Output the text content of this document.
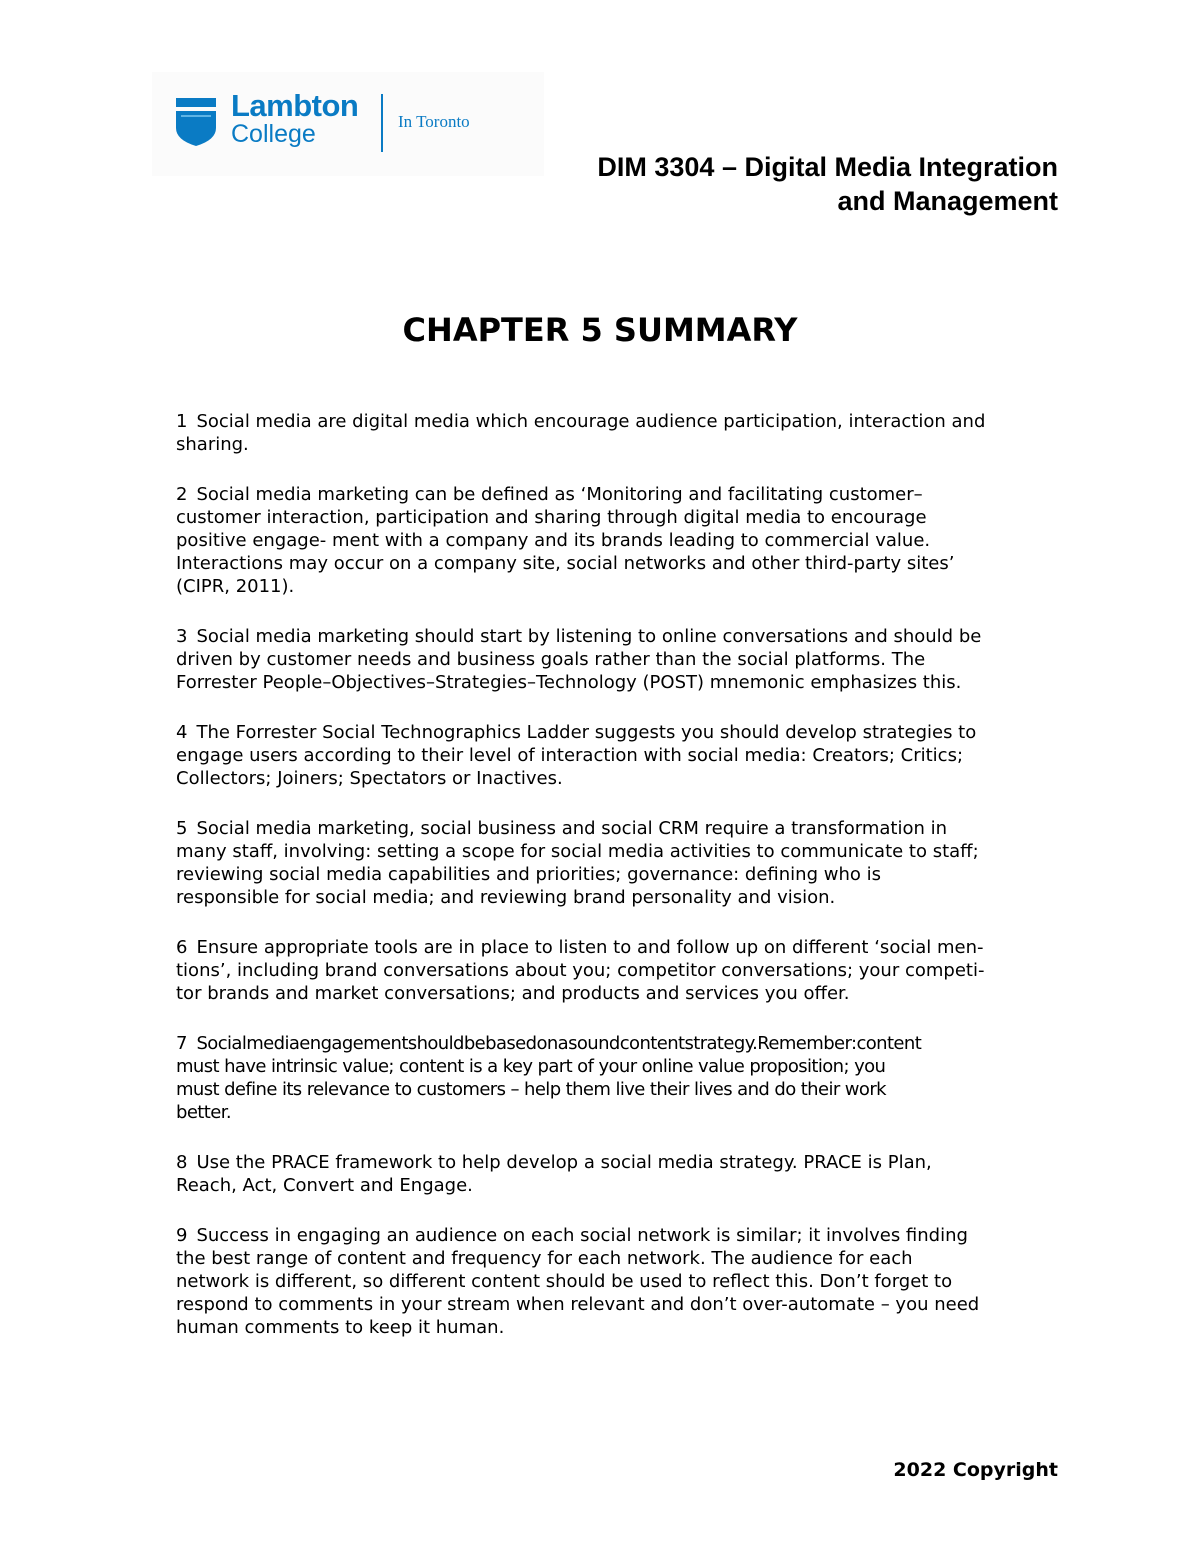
Lambton
College	In Toronto
DIM 3304 – Digital Media Integration
and Management
CHAPTER 5 SUMMARY
1 Social media are digital media which encourage audience participation, interaction and
sharing.
2 Social media marketing can be defined as ‘Monitoring and facilitating customer–
customer interaction, participation and sharing through digital media to encourage
positive engage- ment with a company and its brands leading to commercial value.
Interactions may occur on a company site, social networks and other third-party sites’
(CIPR, 2011).
3 Social media marketing should start by listening to online conversations and should be
driven by customer needs and business goals rather than the social platforms. The
Forrester People–Objectives–Strategies–Technology (POST) mnemonic emphasizes this.
4 The Forrester Social Technographics Ladder suggests you should develop strategies to
engage users according to their level of interaction with social media: Creators; Critics;
Collectors; Joiners; Spectators or Inactives.
5 Social media marketing, social business and social CRM require a transformation in
many staff, involving: setting a scope for social media activities to communicate to staff;
reviewing social media capabilities and priorities; governance: defining who is
responsible for social media; and reviewing brand personality and vision.
6 Ensure appropriate tools are in place to listen to and follow up on different ‘social men-
tions’, including brand conversations about you; competitor conversations; your competi-
tor brands and market conversations; and products and services you offer.
7 Socialmediaengagementshouldbebasedonasoundcontentstrategy.Remember:content
must have intrinsic value; content is a key part of your online value proposition; you
must define its relevance to customers – help them live their lives and do their work
better.
8 Use the PRACE framework to help develop a social media strategy. PRACE is Plan,
Reach, Act, Convert and Engage.
9 Success in engaging an audience on each social network is similar; it involves finding
the best range of content and frequency for each network. The audience for each
network is different, so different content should be used to reflect this. Don’t forget to
respond to comments in your stream when relevant and don’t over-automate – you need
human comments to keep it human.
2022 Copyright
